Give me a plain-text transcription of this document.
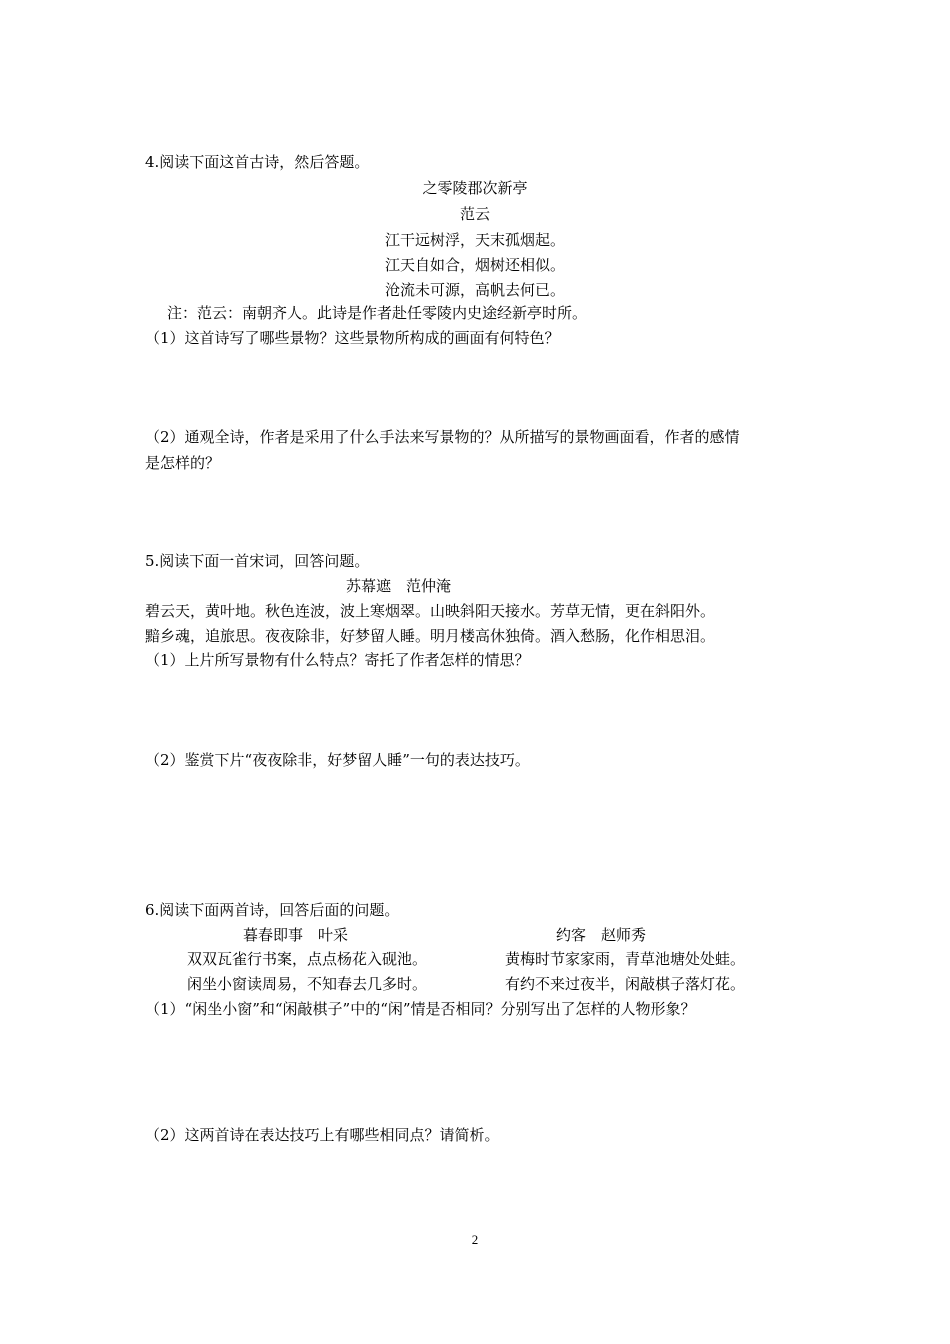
4.阅读下面这首古诗，然后答题。
之零陵郡次新亭
范云
江干远树浮，天末孤烟起。
江天自如合，烟树还相似。
沧流未可源，高帆去何已。
注：范云：南朝齐人。此诗是作者赴任零陵内史途经新亭时所。
（1）这首诗写了哪些景物？这些景物所构成的画面有何特色？
（2）通观全诗，作者是采用了什么手法来写景物的？从所描写的景物画面看，作者的感情
是怎样的？
5.阅读下面一首宋词，回答问题。
苏幕遮　范仲淹
碧云天，黄叶地。秋色连波，波上寒烟翠。山映斜阳天接水。芳草无情，更在斜阳外。
黯乡魂，追旅思。夜夜除非，好梦留人睡。明月楼高休独倚。酒入愁肠，化作相思泪。
（1）上片所写景物有什么特点？寄托了作者怎样的情思？
（2）鉴赏下片“夜夜除非，好梦留人睡”一句的表达技巧。
6.阅读下面两首诗，回答后面的问题。
暮春即事　叶采	约客　赵师秀
双双瓦雀行书案，点点杨花入砚池。	黄梅时节家家雨，青草池塘处处蛙。
闲坐小窗读周易，不知春去几多时。	有约不来过夜半，闲敲棋子落灯花。
（1）“闲坐小窗”和“闲敲棋子”中的“闲”情是否相同？分别写出了怎样的人物形象？
（2）这两首诗在表达技巧上有哪些相同点？请简析。
2
